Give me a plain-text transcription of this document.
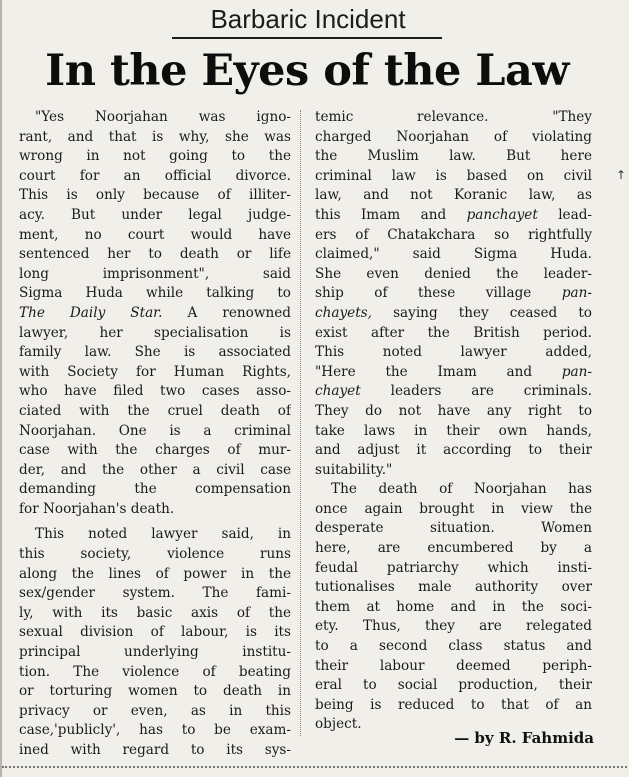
Barbaric Incident
In the Eyes of the Law
"Yes Noorjahan was igno-
rant, and that is why, she was
wrong in not going to the
court for an official divorce.
This is only because of illiter-
acy. But under legal judge-
ment, no court would have
sentenced her to death or life
long imprisonment", said
Sigma Huda while talking to
The Daily Star. A renowned
lawyer, her specialisation is
family law. She is associated
with Society for Human Rights,
who have filed two cases asso-
ciated with the cruel death of
Noorjahan. One is a criminal
case with the charges of mur-
der, and the other a civil case
demanding the compensation
for Noorjahan's death.
This noted lawyer said, in
this society, violence runs
along the lines of power in the
sex/gender system. The fami-
ly, with its basic axis of the
sexual division of labour, is its
principal underlying institu-
tion. The violence of beating
or torturing women to death in
privacy or even, as in this
case,'publicly', has to be exam-
ined with regard to its sys-
temic relevance. "They
charged Noorjahan of violating
the Muslim law. But here
criminal law is based on civil
law, and not Koranic law, as
this Imam and panchayet lead-
ers of Chatakchara so rightfully
claimed," said Sigma Huda.
She even denied the leader-
ship of these village pan-
chayets, saying they ceased to
exist after the British period.
This noted lawyer added,
"Here the Imam and pan-
chayet leaders are criminals.
They do not have any right to
take laws in their own hands,
and adjust it according to their
suitability."
The death of Noorjahan has
once again brought in view the
desperate situation. Women
here, are encumbered by a
feudal patriarchy which insti-
tutionalises male authority over
them at home and in the soci-
ety. Thus, they are relegated
to a second class status and
their labour deemed periph-
eral to social production, their
being is reduced to that of an
object.
↑
— by R. Fahmida
